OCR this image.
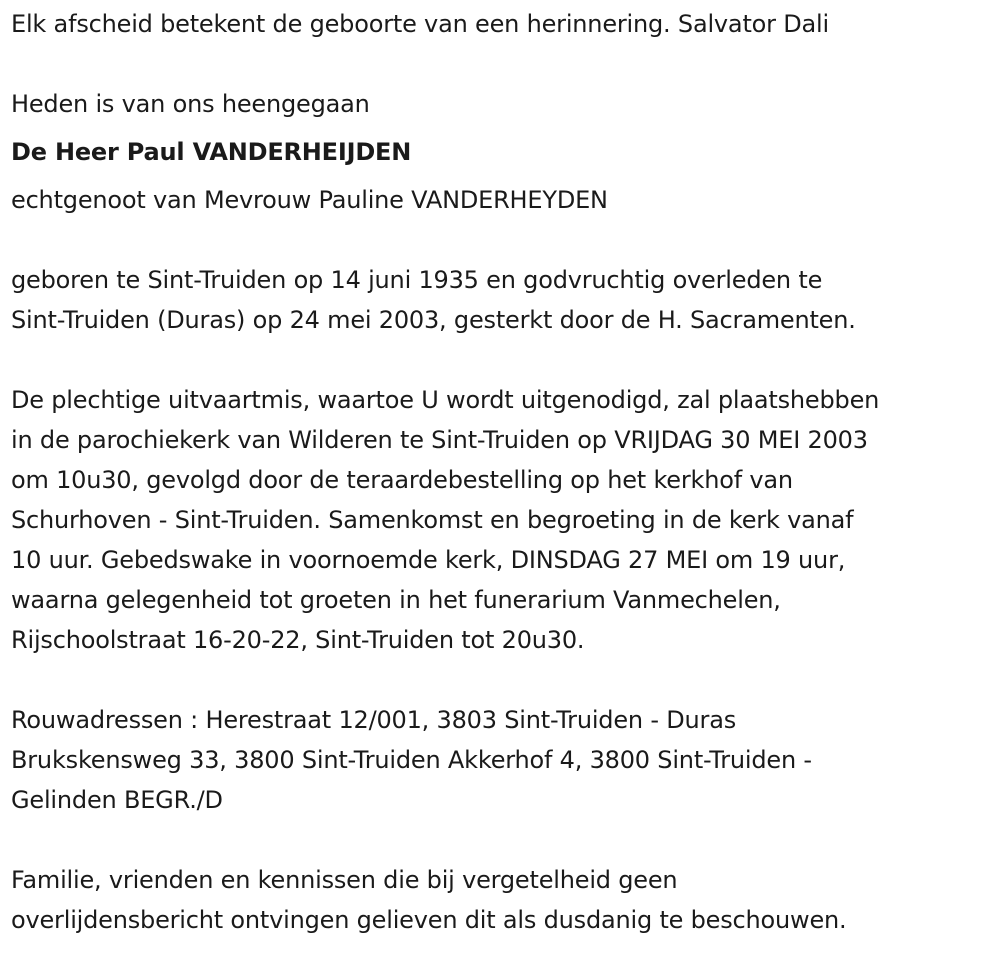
Elk afscheid betekent de geboorte van een herinnering. Salvator Dali
Heden is van ons heengegaan
De Heer Paul VANDERHEIJDEN
echtgenoot van Mevrouw Pauline VANDERHEYDEN
geboren te Sint-Truiden op 14 juni 1935 en godvruchtig overleden te
Sint-Truiden (Duras) op 24 mei 2003, gesterkt door de H. Sacramenten.
De plechtige uitvaartmis, waartoe U wordt uitgenodigd, zal plaatshebben
in de parochiekerk van Wilderen te Sint-Truiden op VRIJDAG 30 MEI 2003
om 10u30, gevolgd door de teraardebestelling op het kerkhof van
Schurhoven - Sint-Truiden. Samenkomst en begroeting in de kerk vanaf
10 uur. Gebedswake in voornoemde kerk, DINSDAG 27 MEI om 19 uur,
waarna gelegenheid tot groeten in het funerarium Vanmechelen,
Rijschoolstraat 16-20-22, Sint-Truiden tot 20u30.
Rouwadressen : Herestraat 12/001, 3803 Sint-Truiden - Duras
Brukskensweg 33, 3800 Sint-Truiden Akkerhof 4, 3800 Sint-Truiden -
Gelinden BEGR./D
Familie, vrienden en kennissen die bij vergetelheid geen
overlijdensbericht ontvingen gelieven dit als dusdanig te beschouwen.
